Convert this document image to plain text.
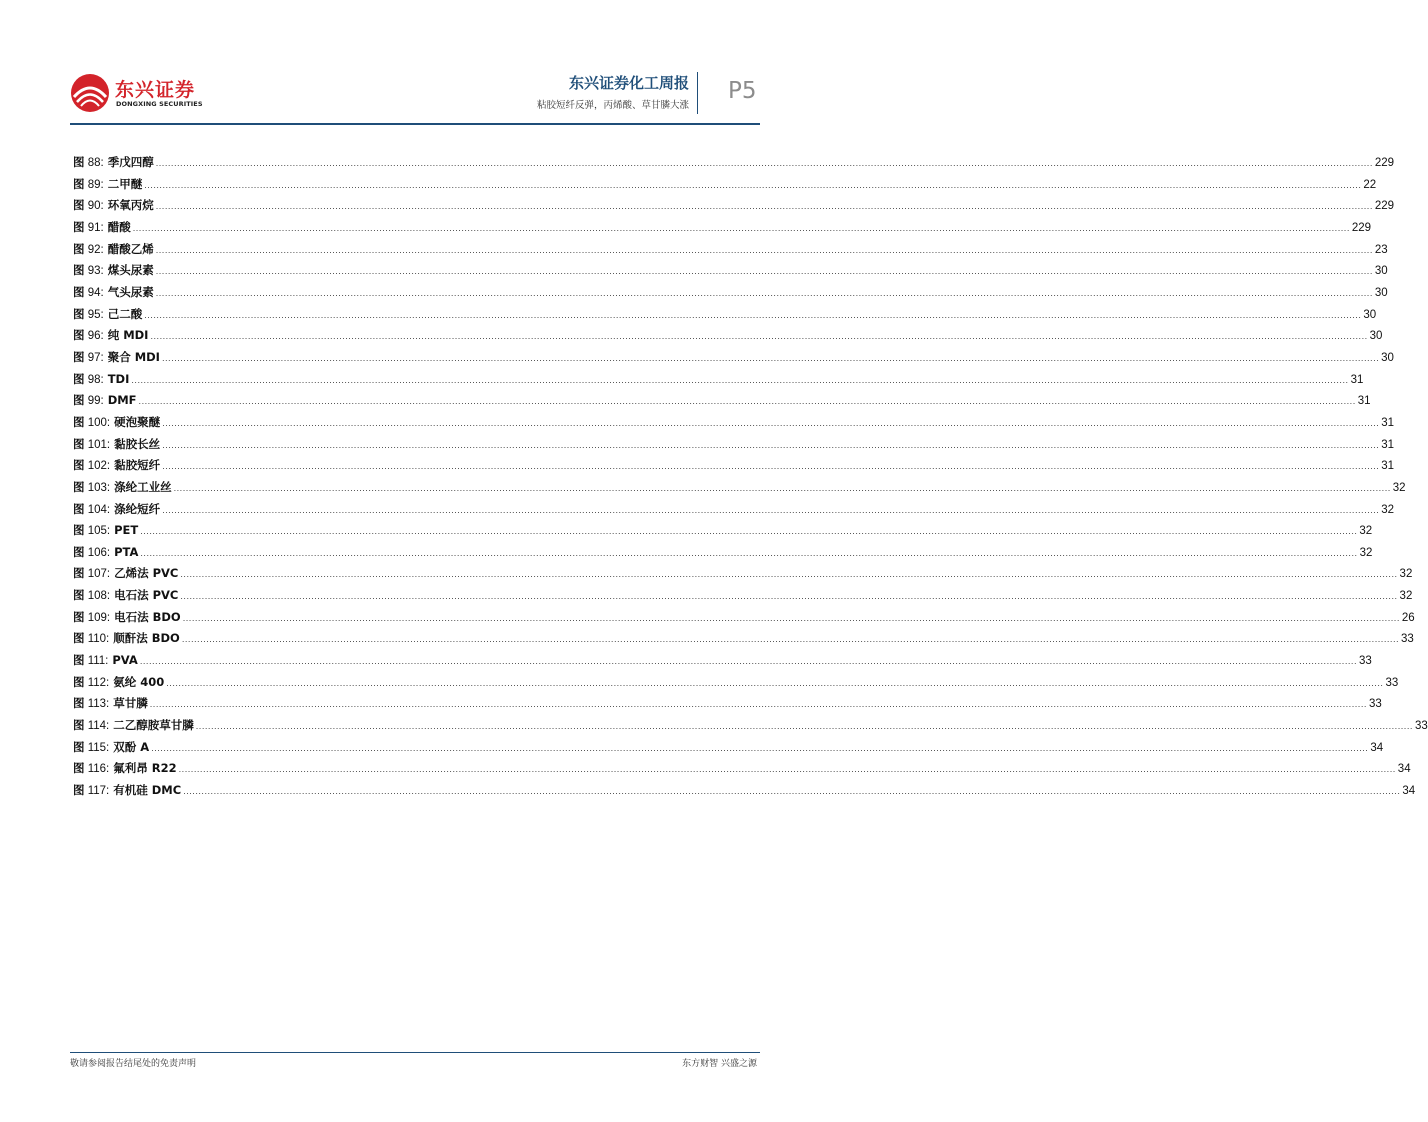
东兴证券
DONGXING SECURITIES
东兴证券化工周报
粘胶短纤反弹，丙烯酸、草甘膦大涨
P5
图 88: 季戊四醇 ................................................................................................................................................................................................................................................................................................................................................................................................................ 229
图 89: 二甲醚 ................................................................................................................................................................................................................................................................................................................................................................................................................ 22
图 90: 环氧丙烷 ................................................................................................................................................................................................................................................................................................................................................................................................................ 229
图 91: 醋酸 ................................................................................................................................................................................................................................................................................................................................................................................................................ 229
图 92: 醋酸乙烯 ................................................................................................................................................................................................................................................................................................................................................................................................................ 23
图 93: 煤头尿素 ................................................................................................................................................................................................................................................................................................................................................................................................................ 30
图 94: 气头尿素 ................................................................................................................................................................................................................................................................................................................................................................................................................ 30
图 95: 己二酸 ................................................................................................................................................................................................................................................................................................................................................................................................................ 30
图 96: 纯 MDI ................................................................................................................................................................................................................................................................................................................................................................................................................ 30
图 97: 聚合 MDI ................................................................................................................................................................................................................................................................................................................................................................................................................ 30
图 98: TDI ................................................................................................................................................................................................................................................................................................................................................................................................................ 31
图 99: DMF ................................................................................................................................................................................................................................................................................................................................................................................................................ 31
图 100: 硬泡聚醚 ................................................................................................................................................................................................................................................................................................................................................................................................................ 31
图 101: 黏胶长丝 ................................................................................................................................................................................................................................................................................................................................................................................................................ 31
图 102: 黏胶短纤 ................................................................................................................................................................................................................................................................................................................................................................................................................ 31
图 103: 涤纶工业丝 ................................................................................................................................................................................................................................................................................................................................................................................................................ 32
图 104: 涤纶短纤 ................................................................................................................................................................................................................................................................................................................................................................................................................ 32
图 105: PET ................................................................................................................................................................................................................................................................................................................................................................................................................ 32
图 106: PTA ................................................................................................................................................................................................................................................................................................................................................................................................................ 32
图 107: 乙烯法 PVC ................................................................................................................................................................................................................................................................................................................................................................................................................ 32
图 108: 电石法 PVC ................................................................................................................................................................................................................................................................................................................................................................................................................ 32
图 109: 电石法 BDO ................................................................................................................................................................................................................................................................................................................................................................................................................ 26
图 110: 顺酐法 BDO ................................................................................................................................................................................................................................................................................................................................................................................................................ 33
图 111: PVA ................................................................................................................................................................................................................................................................................................................................................................................................................ 33
图 112: 氨纶 400 ................................................................................................................................................................................................................................................................................................................................................................................................................ 33
图 113: 草甘膦 ................................................................................................................................................................................................................................................................................................................................................................................................................ 33
图 114: 二乙醇胺草甘膦 ................................................................................................................................................................................................................................................................................................................................................................................................................ 33
图 115: 双酚 A ................................................................................................................................................................................................................................................................................................................................................................................................................ 34
图 116: 氟利昂 R22 ................................................................................................................................................................................................................................................................................................................................................................................................................ 34
图 117: 有机硅 DMC ................................................................................................................................................................................................................................................................................................................................................................................................................ 34
敬请参阅报告结尾处的免责声明	东方财智 兴盛之源
